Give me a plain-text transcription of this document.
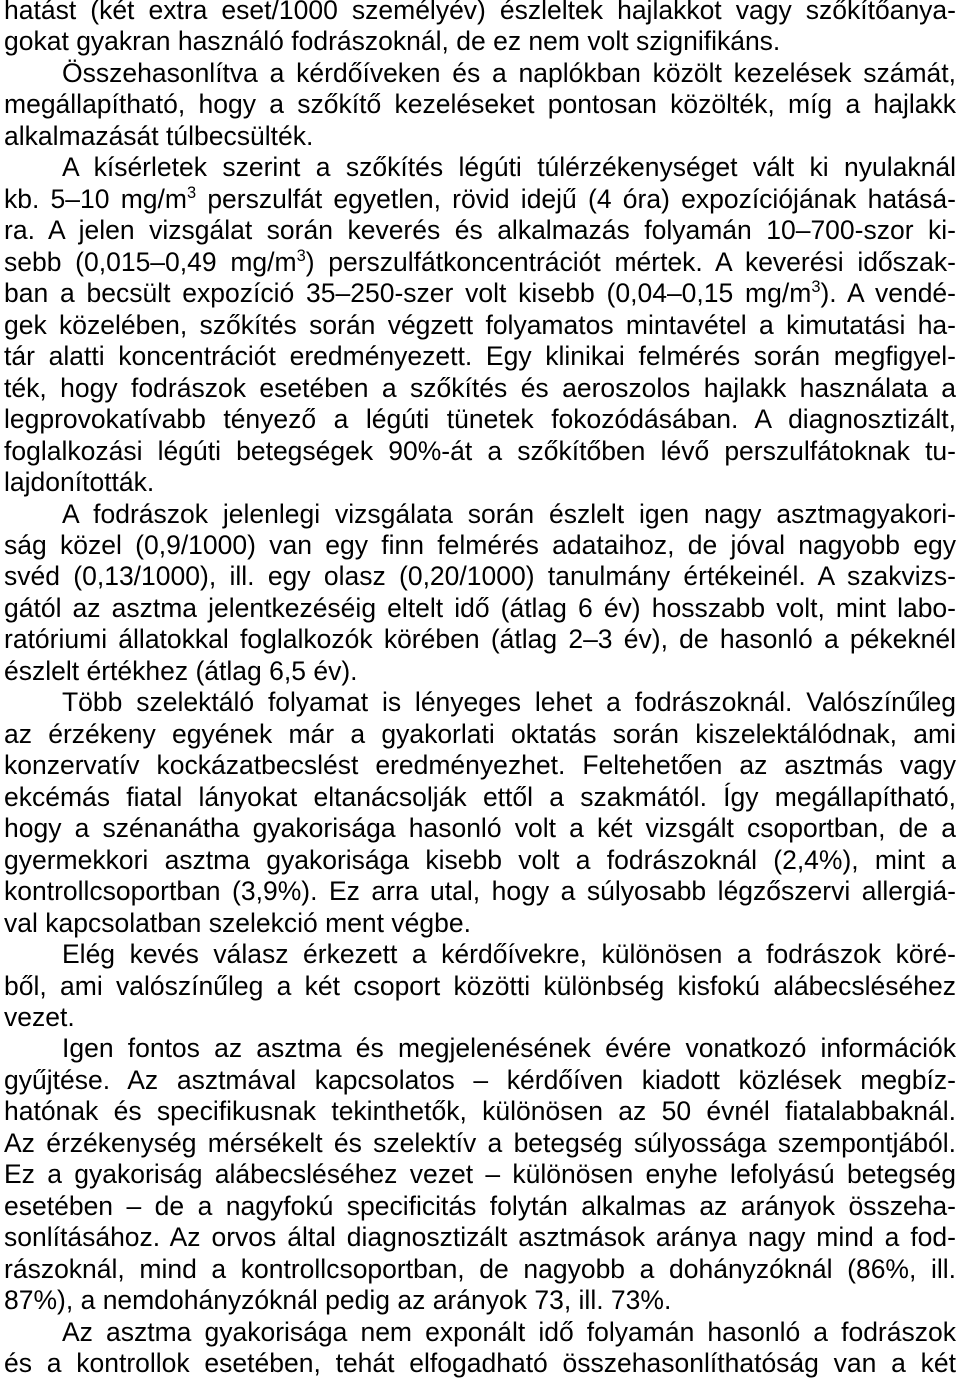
hatást (két extra eset/1000 személyév) észleltek hajlakkot vagy szőkítőanya-
gokat gyakran használó fodrászoknál, de ez nem volt szignifikáns.
Összehasonlítva a kérdőíveken és a naplókban közölt kezelések számát,
megállapítható, hogy a szőkítő kezeléseket pontosan közölték, míg a hajlakk
alkalmazását túlbecsülték.
A kísérletek szerint a szőkítés légúti túlérzékenységet vált ki nyulaknál
kb. 5–10 $mg/m^3$ perszulfát egyetlen, rövid idejű (4 óra) expozíciójának hatásá-
ra. A jelen vizsgálat során keverés és alkalmazás folyamán 10–700-szor ki-
sebb (0,015–0,49 $mg/m^3$) perszulfátkoncentrációt mértek. A keverési időszak-
ban a becsült expozíció 35–250-szer volt kisebb (0,04–0,15 $mg/m^3$). A vendé-
gek közelében, szőkítés során végzett folyamatos mintavétel a kimutatási ha-
tár alatti koncentrációt eredményezett. Egy klinikai felmérés során megfigyel-
ték, hogy fodrászok esetében a szőkítés és aeroszolos hajlakk használata a
legprovokatívabb tényező a légúti tünetek fokozódásában. A diagnosztizált,
foglalkozási légúti betegségek 90%-át a szőkítőben lévő perszulfátoknak tu-
lajdonították.
A fodrászok jelenlegi vizsgálata során észlelt igen nagy asztmagyakori-
ság közel (0,9/1000) van egy finn felmérés adataihoz, de jóval nagyobb egy
svéd (0,13/1000), ill. egy olasz (0,20/1000) tanulmány értékeinél. A szakvizs-
gától az asztma jelentkezéséig eltelt idő (átlag 6 év) hosszabb volt, mint labo-
ratóriumi állatokkal foglalkozók körében (átlag 2–3 év), de hasonló a pékeknél
észlelt értékhez (átlag 6,5 év).
Több szelektáló folyamat is lényeges lehet a fodrászoknál. Valószínűleg
az érzékeny egyének már a gyakorlati oktatás során kiszelektálódnak, ami
konzervatív kockázatbecslést eredményezhet. Feltehetően az asztmás vagy
ekcémás fiatal lányokat eltanácsolják ettől a szakmától. Így megállapítható,
hogy a szénanátha gyakorisága hasonló volt a két vizsgált csoportban, de a
gyermekkori asztma gyakorisága kisebb volt a fodrászoknál (2,4%), mint a
kontrollcsoportban (3,9%). Ez arra utal, hogy a súlyosabb légzőszervi allergiá-
val kapcsolatban szelekció ment végbe.
Elég kevés válasz érkezett a kérdőívekre, különösen a fodrászok köré-
ből, ami valószínűleg a két csoport közötti különbség kisfokú alábecsléséhez
vezet.
Igen fontos az asztma és megjelenésének évére vonatkozó információk
gyűjtése. Az asztmával kapcsolatos – kérdőíven kiadott közlések megbíz-
hatónak és specifikusnak tekinthetők, különösen az 50 évnél fiatalabbaknál.
Az érzékenység mérsékelt és szelektív a betegség súlyossága szempontjából.
Ez a gyakoriság alábecsléséhez vezet – különösen enyhe lefolyású betegség
esetében – de a nagyfokú specificitás folytán alkalmas az arányok összeha-
sonlításához. Az orvos által diagnosztizált asztmások aránya nagy mind a fod-
rászoknál, mind a kontrollcsoportban, de nagyobb a dohányzóknál (86%, ill.
87%), a nemdohányzóknál pedig az arányok 73, ill. 73%.
Az asztma gyakorisága nem exponált idő folyamán hasonló a fodrászok
és a kontrollok esetében, tehát elfogadható összehasonlíthatóság van a két
